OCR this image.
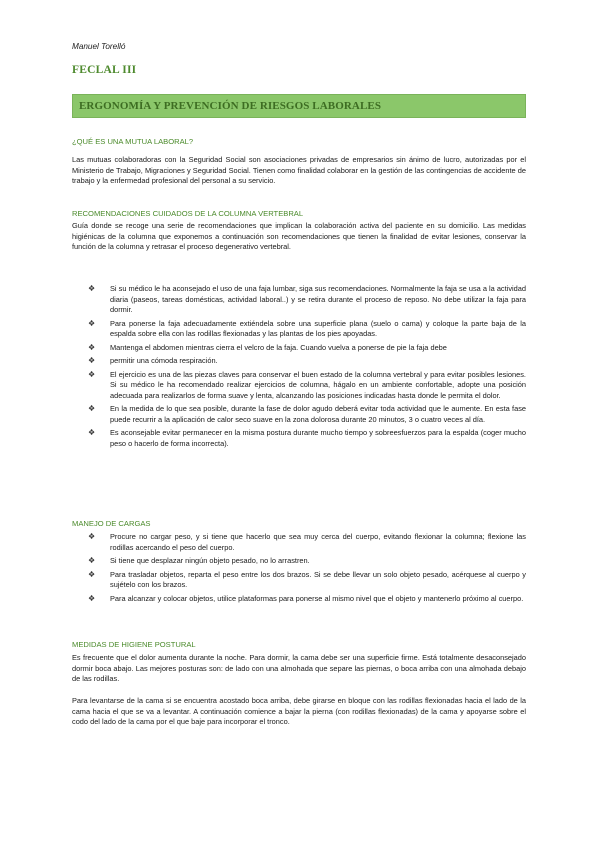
Manuel Torelló
FECLAL III
ERGONOMÍA Y PREVENCIÓN DE RIESGOS LABORALES
¿QUÉ ES UNA MUTUA LABORAL?

Las mutuas colaboradoras con la Seguridad Social son asociaciones privadas de empresarios sin ánimo de lucro, autorizadas por el Ministerio de Trabajo, Migraciones y Seguridad Social. Tienen como finalidad colaborar en la gestión de las contingencias de accidente de trabajo y la enfermedad profesional del personal a su servicio.

RECOMENDACIONES CUIDADOS DE LA COLUMNA VERTEBRAL

Guía donde se recoge una serie de recomendaciones que implican la colaboración activa del paciente en su domicilio. Las medidas higiénicas de la columna que exponemos a continuación son recomendaciones que tienen la finalidad de evitar lesiones, conservar la función de la columna y retrasar el proceso degenerativo vertebral.

❖ Si su médico le ha aconsejado el uso de una faja lumbar, siga sus recomendaciones. Normalmente la faja se usa a la actividad diaria (paseos, tareas domésticas, actividad laboral..) y se retira durante el proceso de reposo. No debe utilizar la faja para dormir.
❖ Para ponerse la faja adecuadamente extiéndela sobre una superficie plana (suelo o cama) y coloque la parte baja de la espalda sobre ella con las rodillas flexionadas y las plantas de los pies apoyadas.
❖ Mantenga el abdomen mientras cierra el velcro de la faja. Cuando vuelva a ponerse de pie la faja debe
❖ permitir una cómoda respiración.
❖ El ejercicio es una de las piezas claves para conservar el buen estado de la columna vertebral y para evitar posibles lesiones. Si su médico le ha recomendado realizar ejercicios de columna, hágalo en un ambiente confortable, adopte una posición adecuada para realizarlos de forma suave y lenta, alcanzando las posiciones indicadas hasta donde le permita el dolor.
❖ En la medida de lo que sea posible, durante la fase de dolor agudo deberá evitar toda actividad que le aumente. En esta fase puede recurrir a la aplicación de calor seco suave en la zona dolorosa durante 20 minutos, 3 o cuatro veces al día.
❖ Es aconsejable evitar permanecer en la misma postura durante mucho tiempo y sobreesfuerzos para la espalda (coger mucho peso o hacerlo de forma incorrecta).
MANEJO DE CARGAS
❖ Procure no cargar peso, y si tiene que hacerlo que sea muy cerca del cuerpo, evitando flexionar la columna; flexione las rodillas acercando el peso del cuerpo.
❖ Si tiene que desplazar ningún objeto pesado, no lo arrastren.
❖ Para trasladar objetos, reparta el peso entre los dos brazos. Si se debe llevar un solo objeto pesado, acérquese al cuerpo y sujételo con los brazos.
❖ Para alcanzar y colocar objetos, utilice plataformas para ponerse al mismo nivel que el objeto y mantenerlo próximo al cuerpo.
MEDIDAS DE HIGIENE POSTURAL

Es frecuente que el dolor aumenta durante la noche. Para dormir, la cama debe ser una superficie firme. Está totalmente desaconsejado dormir boca abajo. Las mejores posturas son: de lado con una almohada que separe las piernas, o boca arriba con una almohada debajo de las rodillas.

Para levantarse de la cama si se encuentra acostado boca arriba, debe girarse en bloque con las rodillas flexionadas hacia el lado de la cama hacia el que se va a levantar. A continuación comience a bajar la pierna (con rodillas flexionadas) de la cama y apoyarse sobre el codo del lado de la cama por el que baje para incorporar el tronco.
